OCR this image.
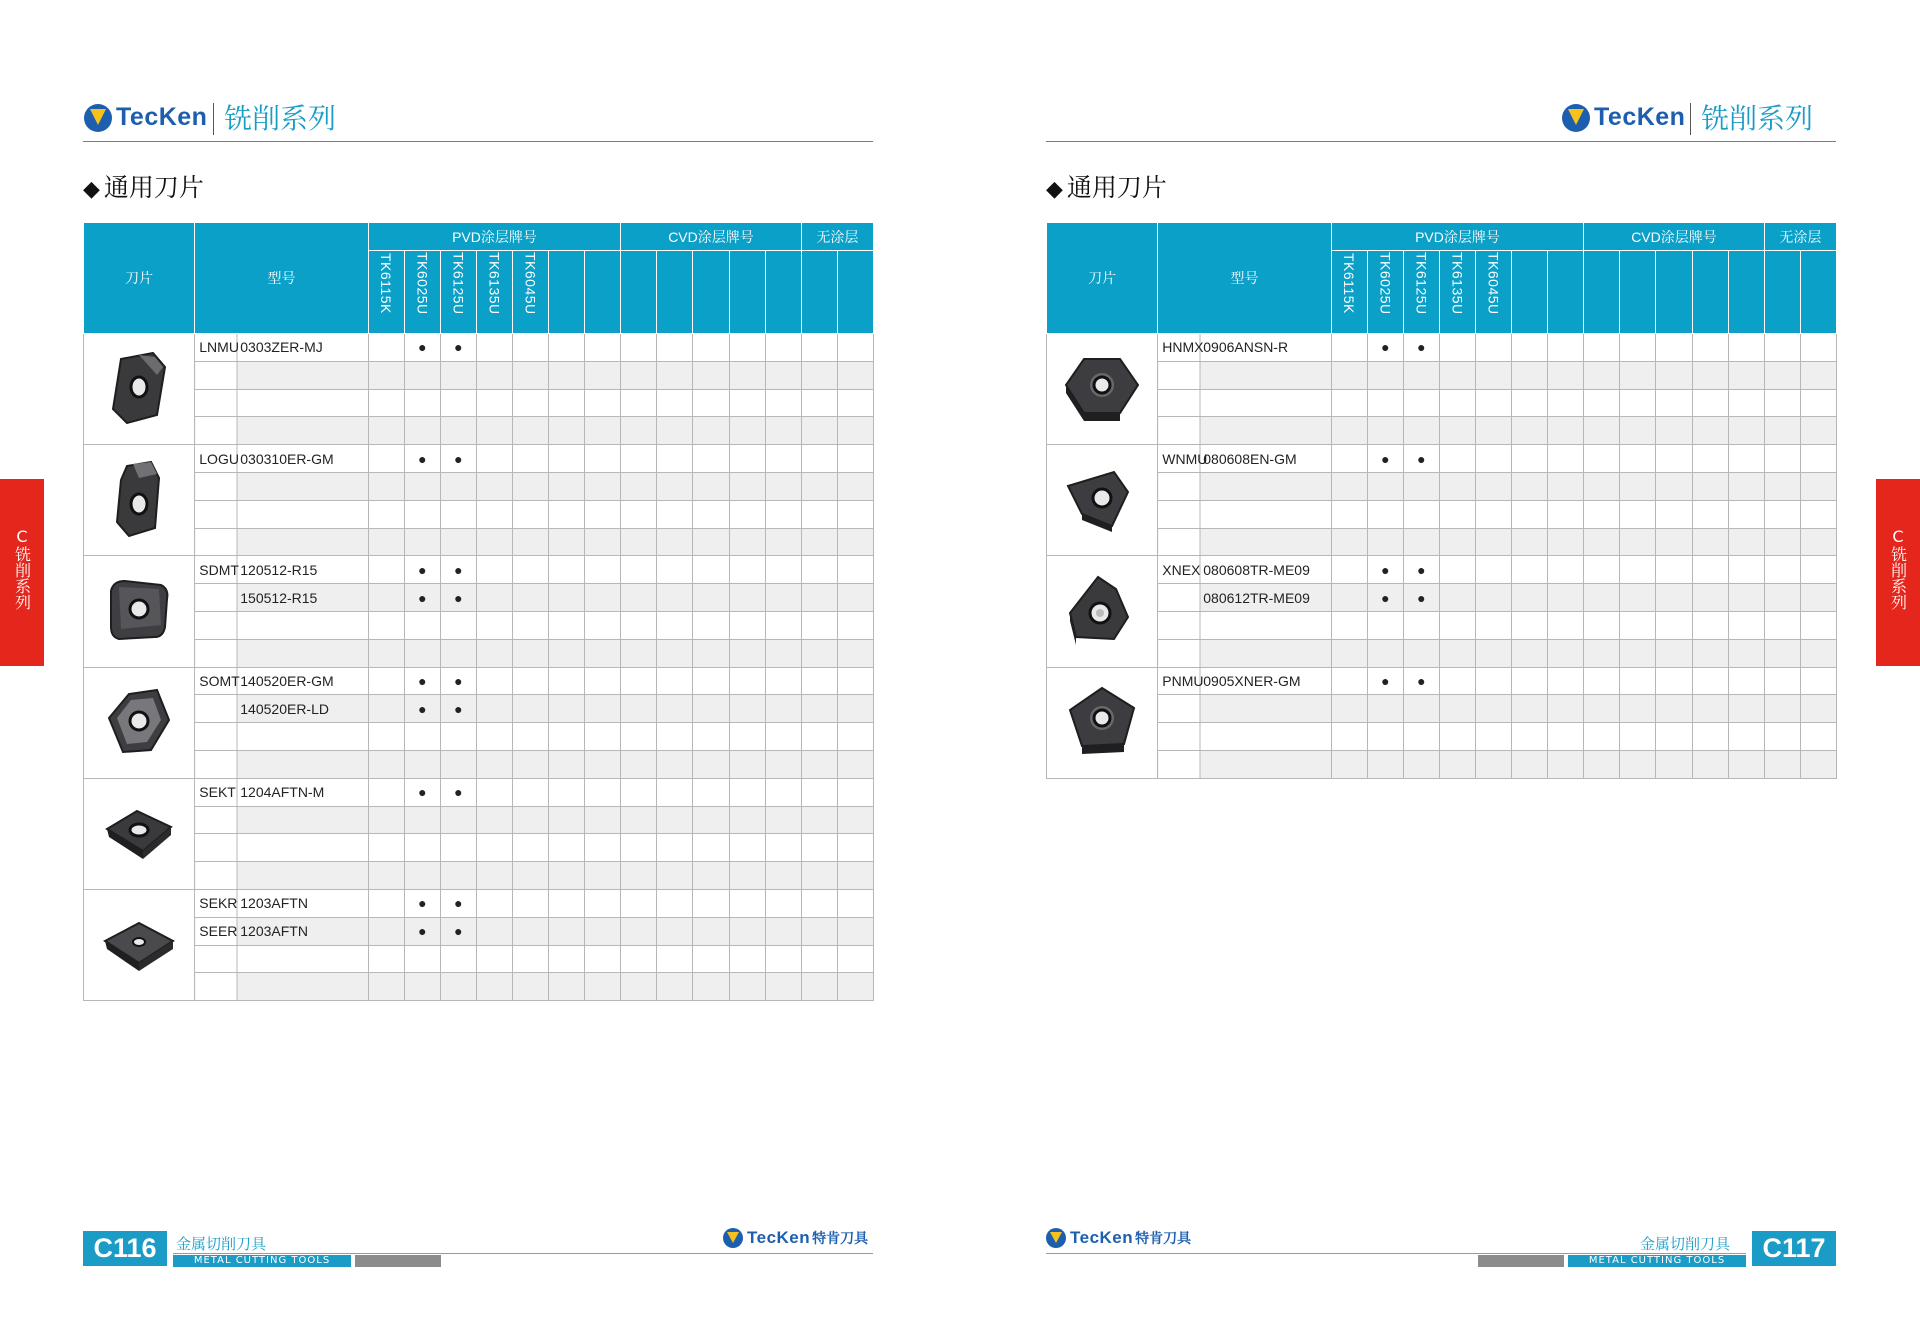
TecKen 铣削系列
◆ 通用刀片
刀片	型号	PVD涂层牌号							CVD涂层牌号					无涂层	
		TK6115K	TK6025U	TK6125U	TK6135U	TK6045U									
	LNMU0303ZER-MJ		●	●											

	LOGU030310ER-GM		●	●											

	SDMT120512-R15		●	●											
	150512-R15		●	●											

	SOMT140520ER-GM		●	●											
	140520ER-LD		●	●											

	SEKT 1204AFTN-M		●	●											

	SEKR 1203AFTN		●	●											
	SEER 1203AFTN		●	●											

C
铣削系列
C116	金属切削刀具
METAL CUTTING TOOLS
TecKen 特肯刀具
TecKen 铣削系列
◆ 通用刀片
刀片	型号	PVD涂层牌号							CVD涂层牌号					无涂层	
		TK6115K	TK6025U	TK6125U	TK6135U	TK6045U									
	HNMX0906ANSN-R		●	●											

	WNMU080608EN-GM		●	●											

	XNEX 080608TR-ME09		●	●											
	080612TR-ME09		●	●											

	PNMU0905XNER-GM		●	●											

C
铣削系列
TecKen 特肯刀具
METAL CUTTING TOOLS
金属切削刀具	C117
